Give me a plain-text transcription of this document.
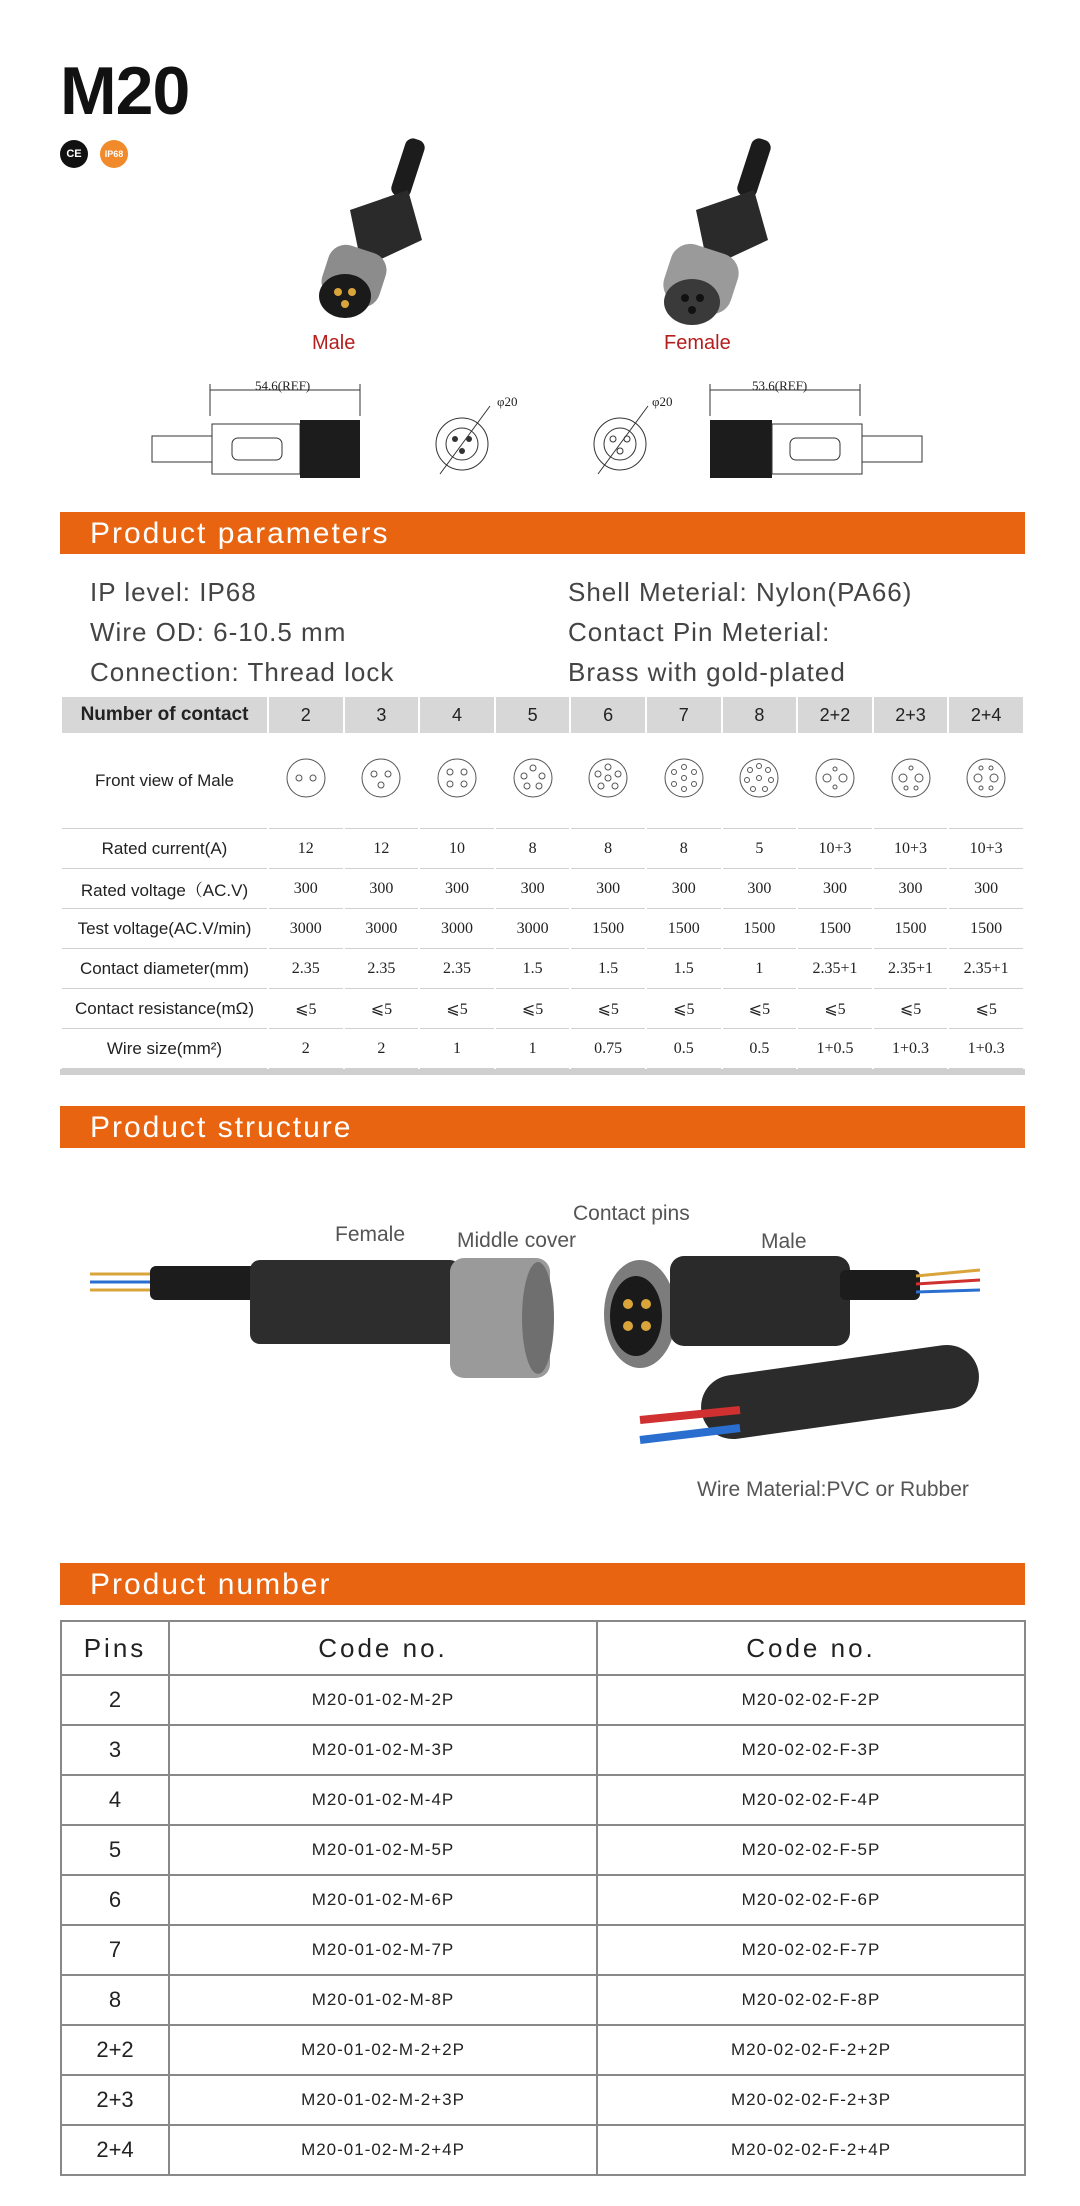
M20
CE	IP68
Male	Female
54.6(REF)	53.6(REF)
φ20	φ20
Product parameters
IP level: IP68
Wire OD: 6-10.5 mm
Connection: Thread lock
Shell Meterial: Nylon(PA66)
Contact Pin Meterial:
Brass with gold-plated
Number of contact	2	3	4	5	6	7	8	2+2	2+3	2+4
Front view of Male										
Rated current(A)	12	12	10	8	8	8	5	10+3	10+3	10+3
Rated voltage（AC.V)	300	300	300	300	300	300	300	300	300	300
Test voltage(AC.V/min)	3000	3000	3000	3000	1500	1500	1500	1500	1500	1500
Contact diameter(mm)	2.35	2.35	2.35	1.5	1.5	1.5	1	2.35+1	2.35+1	2.35+1
Contact resistance(mΩ)	⩽5	⩽5	⩽5	⩽5	⩽5	⩽5	⩽5	⩽5	⩽5	⩽5
Wire size(mm²)	2	2	1	1	0.75	0.5	0.5	1+0.5	1+0.3	1+0.3
Product structure
Female Middle cover
Contact pins
Male
Wire Material:PVC or Rubber
Product number
Pins	Code no.	Code no.
2	M20-01-02-M-2P	M20-02-02-F-2P
3	M20-01-02-M-3P	M20-02-02-F-3P
4	M20-01-02-M-4P	M20-02-02-F-4P
5	M20-01-02-M-5P	M20-02-02-F-5P
6	M20-01-02-M-6P	M20-02-02-F-6P
7	M20-01-02-M-7P	M20-02-02-F-7P
8	M20-01-02-M-8P	M20-02-02-F-8P
2+2	M20-01-02-M-2+2P	M20-02-02-F-2+2P
2+3	M20-01-02-M-2+3P	M20-02-02-F-2+3P
2+4	M20-01-02-M-2+4P	M20-02-02-F-2+4P
